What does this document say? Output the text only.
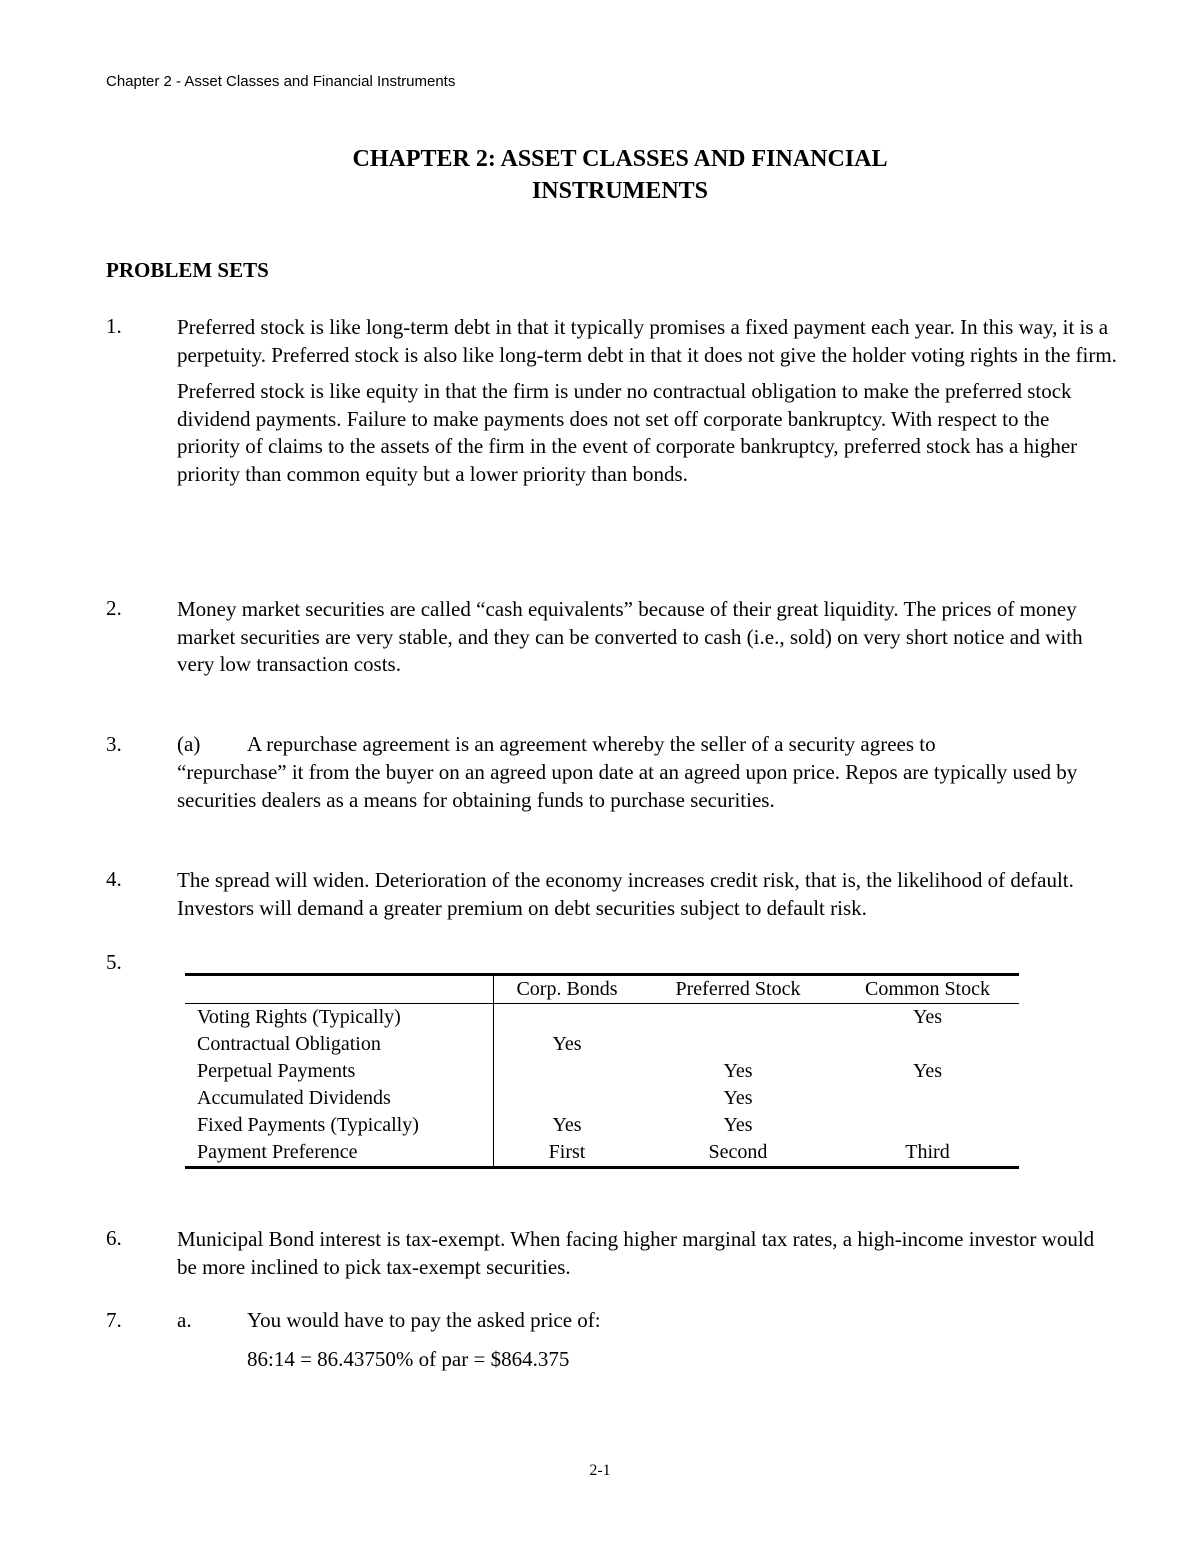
Chapter 2 - Asset Classes and Financial Instruments
CHAPTER 2: ASSET CLASSES AND FINANCIAL
INSTRUMENTS
PROBLEM SETS
1.	Preferred stock is like long-term debt in that it typically promises a fixed payment each year. In this way, it is a perpetuity. Preferred stock is also like long-term debt in that it does not give the holder voting rights in the firm.

Preferred stock is like equity in that the firm is under no contractual obligation to make the preferred stock dividend payments. Failure to make payments does not set off corporate bankruptcy. With respect to the priority of claims to the assets of the firm in the event of corporate bankruptcy, preferred stock has a higher priority than common equity but a lower priority than bonds.

2.	Money market securities are called “cash equivalents” because of their great liquidity. The prices of money market securities are very stable, and they can be converted to cash (i.e., sold) on very short notice and with very low transaction costs.
3.	(a) A repurchase agreement is an agreement whereby the seller of a security agrees to
“repurchase” it from the buyer on an agreed upon date at an agreed upon price. Repos are typically used by securities dealers as a means for obtaining funds to purchase securities.
4.	The spread will widen. Deterioration of the economy increases credit risk, that is, the likelihood of default. Investors will demand a greater premium on debt securities subject to default risk.
5.
	Corp. Bonds	Preferred Stock	Common Stock
Voting Rights (Typically)			Yes
Contractual Obligation	Yes		
Perpetual Payments		Yes	Yes
Accumulated Dividends		Yes	
Fixed Payments (Typically)	Yes	Yes	
Payment Preference	First	Second	Third
6.	Municipal Bond interest is tax-exempt. When facing higher marginal tax rates, a high-income investor would be more inclined to pick tax-exempt securities.
7.	a.	You would have to pay the asked price of:
86:14 = 86.43750% of par = $864.375
2-1
